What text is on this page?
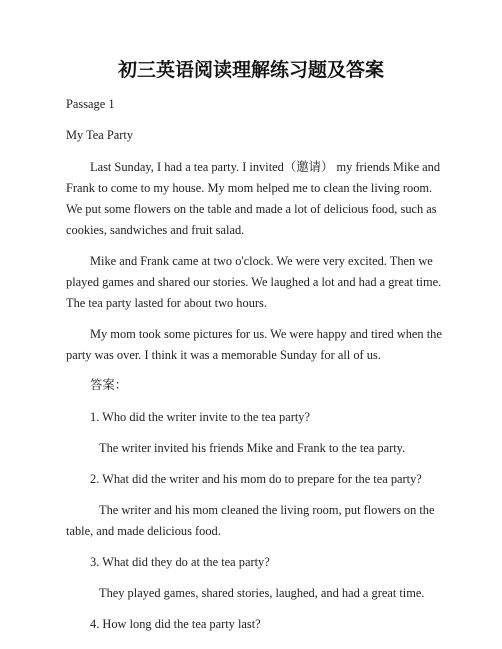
初三英语阅读理解练习题及答案

Passage 1

My Tea Party

Last Sunday, I had a tea party. I invited（邀请） my friends Mike and
Frank to come to my house. My mom helped me to clean the living room.
We put some flowers on the table and made a lot of delicious food, such as
cookies, sandwiches and fruit salad.
Mike and Frank came at two o'clock. We were very excited. Then we
played games and shared our stories. We laughed a lot and had a great time.
The tea party lasted for about two hours.
My mom took some pictures for us. We were happy and tired when the
party was over. I think it was a memorable Sunday for all of us.

答案：

1. Who did the writer invite to the tea party?

The writer invited his friends Mike and Frank to the tea party.

2. What did the writer and his mom do to prepare for the tea party?

The writer and his mom cleaned the living room, put flowers on the
table, and made delicious food.

3. What did they do at the tea party?

They played games, shared stories, laughed, and had a great time.

4. How long did the tea party last?
